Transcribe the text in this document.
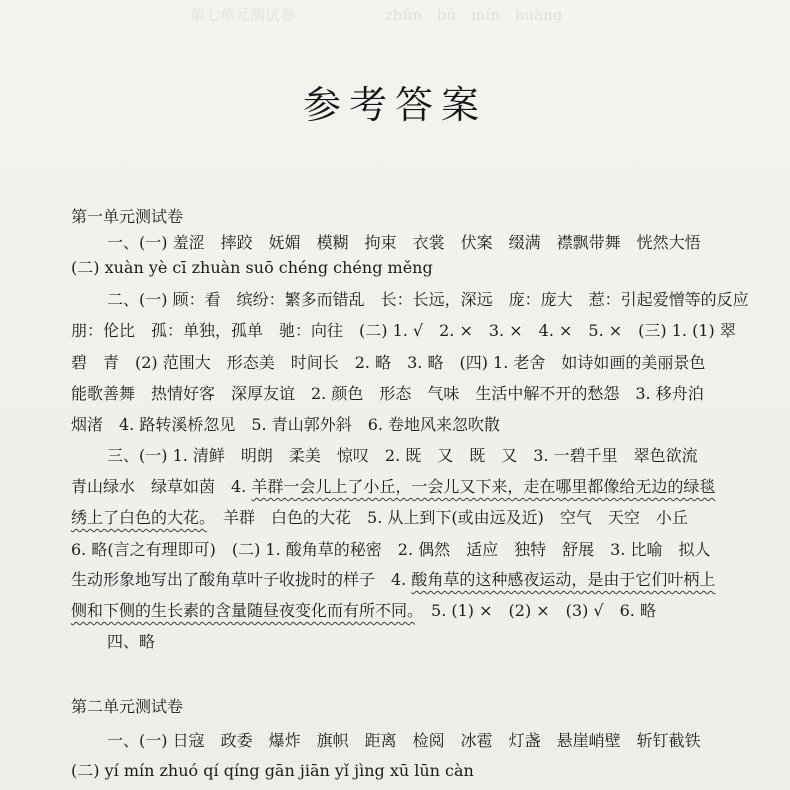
第七单元测试卷　　　　　　zhǔn　bǔ　mín　huàng
参考答案
第一单元测试卷
一、(一) 羞涩　摔跤　妩媚　模糊　拘束　衣裳　伏案　缀满　襟飘带舞　恍然大悟
(二) xuàn yè cī zhuàn suō chéng chéng měng
二、(一) 顾：看　缤纷：繁多而错乱　长：长远，深远　庞：庞大　惹：引起爱憎等的反应
朋：伦比　孤：单独，孤单　驰：向往　(二) 1. √　2. ×　3. ×　4. ×　5. ×　(三) 1. (1) 翠
碧　青　(2) 范围大　形态美　时间长　2. 略　3. 略　(四) 1. 老舍　如诗如画的美丽景色
能歌善舞　热情好客　深厚友谊　2. 颜色　形态　气味　生活中解不开的愁怨　3. 移舟泊
烟渚　4. 路转溪桥忽见　5. 青山郭外斜　6. 卷地风来忽吹散
三、(一) 1. 清鲜　明朗　柔美　惊叹　2. 既　又　既　又　3. 一碧千里　翠色欲流
青山绿水　绿草如茵　4. 羊群一会儿上了小丘，一会儿又下来，走在哪里都像给无边的绿毯
绣上了白色的大花。　羊群　白色的大花　5. 从上到下(或由远及近)　空气　天空　小丘
6. 略(言之有理即可)　(二) 1. 酸角草的秘密　2. 偶然　适应　独特　舒展　3. 比喻　拟人
生动形象地写出了酸角草叶子收拢时的样子　4. 酸角草的这种感夜运动，是由于它们叶柄上
侧和下侧的生长素的含量随昼夜变化而有所不同。　5. (1) ×　(2) ×　(3) √　6. 略
四、略
第二单元测试卷
一、(一) 日寇　政委　爆炸　旗帜　距离　检阅　冰雹　灯盏　悬崖峭壁　斩钉截铁
(二) yí mín zhuó qí qíng gān jiān yǐ jìng xū lūn càn
